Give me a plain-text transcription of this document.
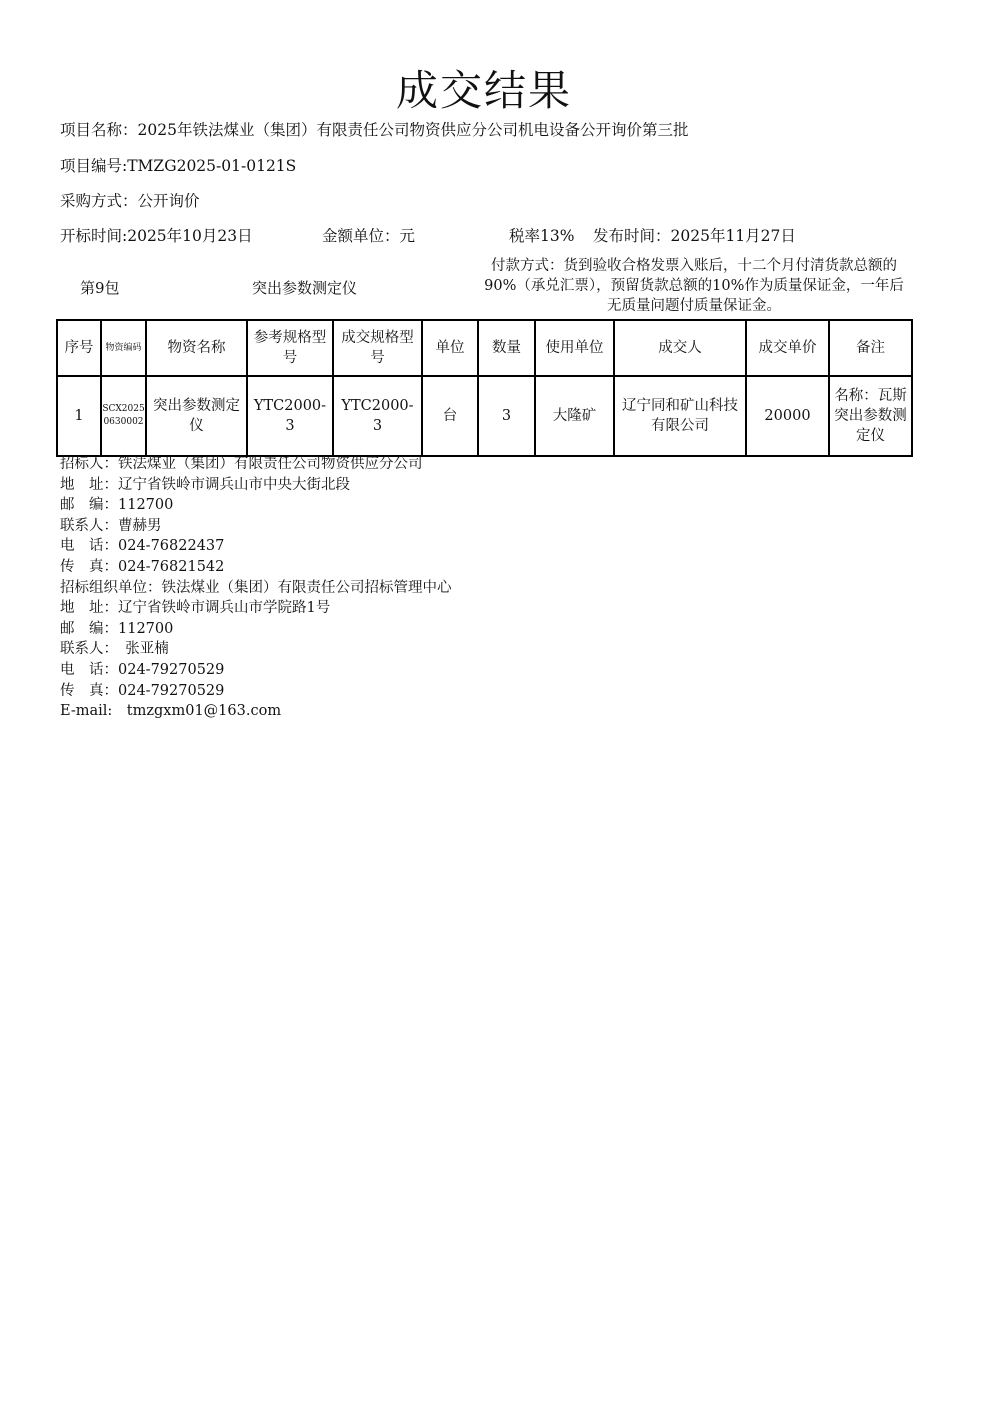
成交结果
项目名称：2025年铁法煤业（集团）有限责任公司物资供应分公司机电设备公开询价第三批
项目编号:TMZG2025-01-0121S
采购方式：公开询价
开标时间:2025年10月23日	金额单位：元	税率13% 发布时间：2025年11月27日
第9包	突出参数测定仪
付款方式：货到验收合格发票入账后，十二个月付清货款总额的90%（承兑汇票），预留货款总额的10%作为质量保证金，一年后无质量问题付质量保证金。
序号	物资编码	物资名称	参考规格型号	成交规格型号	单位	数量	使用单位	成交人	成交单价	备注
1	SCX20250630002	突出参数测定仪	YTC2000-3	YTC2000-3	台	3	大隆矿	辽宁同和矿山科技有限公司	20000	名称：瓦斯突出参数测定仪
招标人：铁法煤业（集团）有限责任公司物资供应分公司
地　址：辽宁省铁岭市调兵山市中央大街北段
邮　编：112700
联系人：曹赫男
电　话：024-76822437
传　真：024-76821542
招标组织单位：铁法煤业（集团）有限责任公司招标管理中心
地　址：辽宁省铁岭市调兵山市学院路1号
邮　编：112700
联系人：　张亚楠
电　话：024-79270529
传　真：024-79270529
E-mail:　tmzgxm01@163.com
